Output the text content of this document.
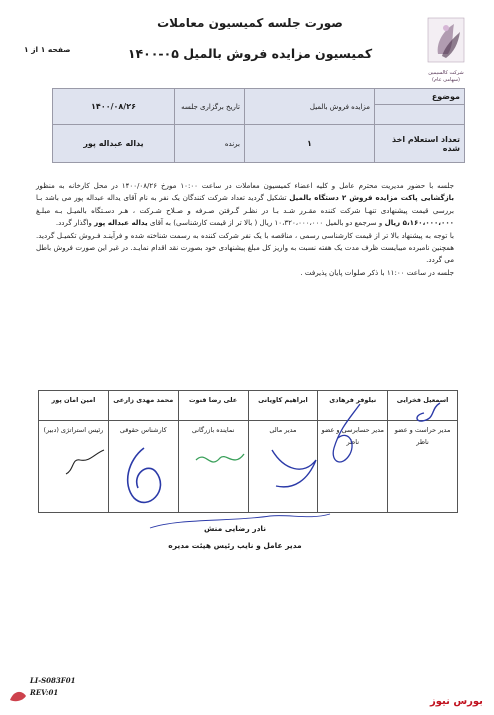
صورت جلسه کمیسیون معاملات
کمیسیون مزایده فروش بالمیل ۰۵-۱۴۰۰
صفحه ۱ از ۱
شرکت کالسیمین
(سهامی عام)
موضوع	مزایده فروش بالمیل	تاریخ برگزاری جلسه	۱۴۰۰/۰۸/۲۶

تعداد استعلام اخذ شده	۱	برنده	یداله عبداله پور

جلسه با حضور مدیریت محترم عامل و کلیه اعضاء کمیسیون معاملات در ساعت ۱۰:۰۰ مورخ ۱۴۰۰/۰۸/۲۶ در محل کارخانه به منظور بازگشایی پاکت مزایده فروش ۲ دستگاه بالمیل تشکیل گردید تعداد شرکت کنندگان یک نفر به نام آقای یداله عبداله پور می باشد بـا بررسی قیمت پیشنهادی تنهـا شرکت کننده مقـرر شـد بـا در نظـر گـرفتن صـرفه و صـلاح شـرکت ، هـر دسـتگاه بالمیـل بـه مبلـغ ۵،۱۶۰،۰۰۰،۰۰۰ ریال و سرجمع دو بالمیل ۱۰،۳۲۰،۰۰۰،۰۰۰ ریال ( بالا تر از قیمت کارشناسی) به آقای یداله عبداله پور واگذار گردد.

با توجه به پیشنهاد بالا تر از قیمت کارشناسی رسمی ، مناقصه با یک نفر شرکت کننده به رسمت شناخته شده و فرآینـد فـروش تکمیـل گردید. همچنین نامبرده میبایست ظرف مدت یک هفته نسبت به واریز کل مبلغ پیشنهادی خود بصورت نقد اقدام نمایـد. در غیر این صورت فروش باطل می گردد.

جلسه در ساعت ۱۱:۰۰ با ذکر صلوات پایان پذیرفت .

اسمعیل فخرایی	نیلوفر فرهادی	ابراهیم کاویانی	علی رضا قنوت	محمد مهدی زارعی	امین امان پور
مدیر حراست و عضو ناظر	مدیر حسابرسی و عضو ناظر	مدیر مالی	نماینده بازرگانی	کارشناس حقوقی	رئیس استراتژی (دبیر)
نادر رضایی منش
مدیر عامل و نایب رئیس هیئت مدیره
LI-S083F01
REV:01
بورس نیوز
